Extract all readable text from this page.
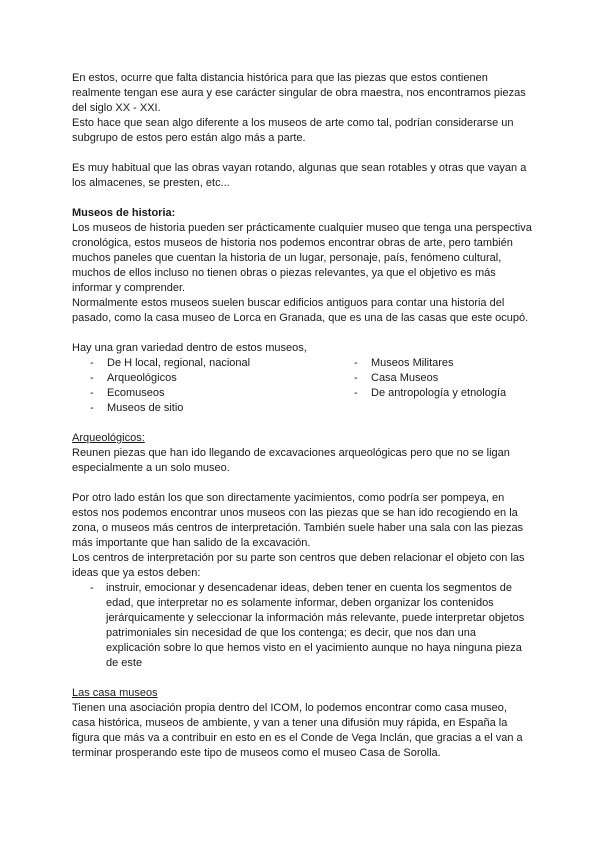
En estos, ocurre que falta distancia histórica para que las piezas que estos contienen realmente tengan ese aura y ese carácter singular de obra maestra, nos encontramos piezas del siglo XX - XXI.

Esto hace que sean algo diferente a los museos de arte como tal, podrían considerarse un subgrupo de estos pero están algo más a parte.

Es muy habitual que las obras vayan rotando, algunas que sean rotables y otras que vayan a los almacenes, se presten, etc...

Museos de historia:

Los museos de historia pueden ser prácticamente cualquier museo que tenga una perspectiva cronológica, estos museos de historia nos podemos encontrar obras de arte, pero también muchos paneles que cuentan la historia de un lugar, personaje, país, fenómeno cultural, muchos de ellos incluso no tienen obras o piezas relevantes, ya que el objetivo es más informar y comprender.

Normalmente estos museos suelen buscar edificios antiguos para contar una historia del pasado, como la casa museo de Lorca en Granada, que es una de las casas que este ocupó.

Hay una gran variedad dentro de estos museos,

- De H local, regional, nacional
- Arqueológicos
- Ecomuseos
- Museos de sitio
- Museos Militares
- Casa Museos
- De antropología y etnología

Arqueológicos:

Reunen piezas que han ido llegando de excavaciones arqueológicas pero que no se ligan especialmente a un solo museo.

Por otro lado están los que son directamente yacimientos, como podría ser pompeya, en estos nos podemos encontrar unos museos con las piezas que se han ido recogiendo en la zona, o museos más centros de interpretación. También suele haber una sala con las piezas más importante que han salido de la excavación.

Los centros de interpretación por su parte son centros que deben relacionar el objeto con las ideas que ya estos deben:

- instruir, emocionar y desencadenar ideas, deben tener en cuenta los segmentos de edad, que interpretar no es solamente informar, deben organizar los contenidos jerárquicamente y seleccionar la información más relevante, puede interpretar objetos patrimoniales sin necesidad de que los contenga; es decir, que nos dan una explicación sobre lo que hemos visto en el yacimiento aunque no haya ninguna pieza de este

Las casa museos

Tienen una asociación propia dentro del ICOM, lo podemos encontrar como casa museo, casa histórica, museos de ambiente, y van a tener una difusión muy rápida, en España la figura que más va a contribuir en esto en es el Conde de Vega Inclán, que gracias a el van a terminar prosperando este tipo de museos como el museo Casa de Sorolla.
